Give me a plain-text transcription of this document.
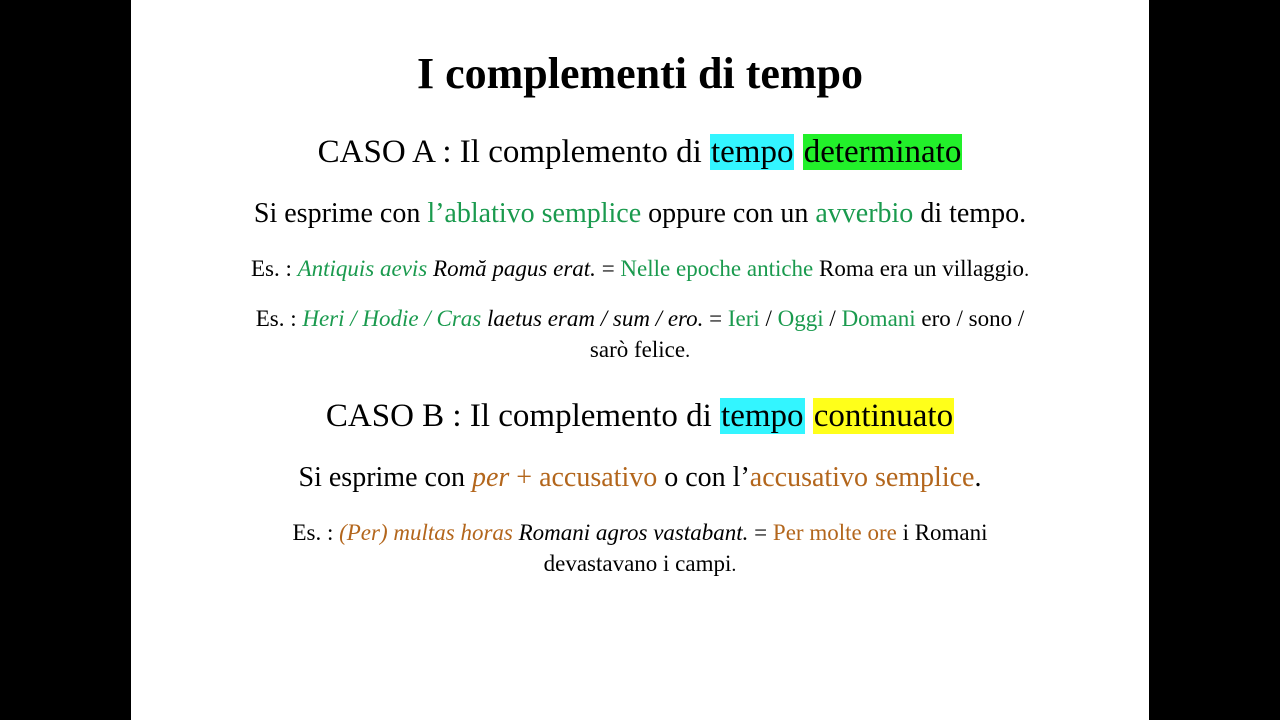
I complementi di tempo
CASO A : Il complemento di tempo determinato
Si esprime con l’ablativo semplice oppure con un avverbio di tempo.
Es. : Antiquis aevis Romă pagus erat. = Nelle epoche antiche Roma era un villaggio.
Es. : Heri / Hodie / Cras laetus eram / sum / ero. = Ieri / Oggi / Domani ero / sono /
sarò felice.
CASO B : Il complemento di tempo continuato
Si esprime con per + accusativo o con l’accusativo semplice.
Es. : (Per) multas horas Romani agros vastabant. = Per molte ore i Romani
devastavano i campi.
